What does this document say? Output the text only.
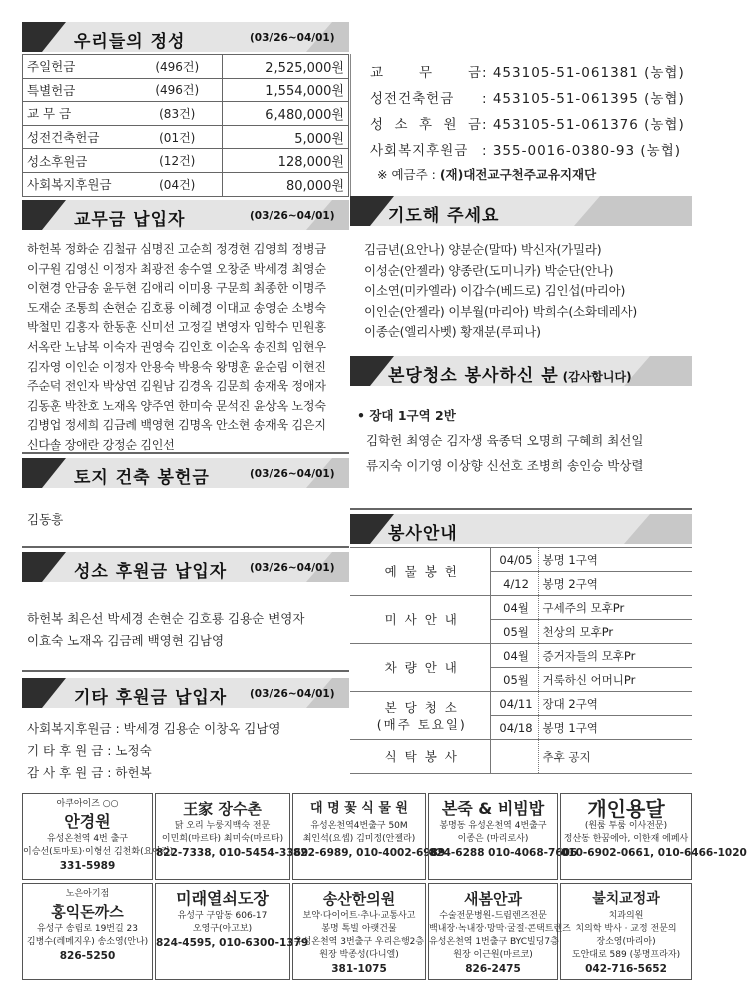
우리들의 정성	(03/26~04/01)
주일헌금	(496건)	2,525,000원
특별헌금	(496건)	1,554,000원
교 무 금	(83건)	6,480,000원
성전건축헌금	(01건)	5,000원
성소후원금	(12건)	128,000원
사회복지후원금	(04건)	80,000원
교무금 납입자	(03/26~04/01)
하헌복 정화순 김철규 심명진 고순희 정경현 김영희 정병금
이구원 김영신 이정자 최광전 송수열 오창준 박세경 최영순
이현경 안금송 윤두현 김애리 이미용 구문희 최종한 이명주
도재순 조통희 손현순 김호룡 이혜경 이대교 송영순 소병숙
박철민 김홍자 한동훈 신미선 고정길 변영자 임학수 민원홍
서옥란 노남복 이숙자 권영숙 김인호 이순옥 송진희 임현우
김자영 이인순 이정자 안용숙 박용숙 왕명훈 윤순림 이현진
주순덕 전인자 박상연 김원남 김경옥 김문희 송재욱 정애자
김동훈 박찬호 노재옥 양주연 한미숙 문석진 윤상옥 노정숙
김병업 정세희 김금례 백영현 김명옥 안소현 송재욱 김은지
신다솔 장애란 강정순 김인선
토지 건축 봉헌금	(03/26~04/01)
김동흥
성소 후원금 납입자 (03/26~04/01)
하헌복 최은선 박세경 손현순 김호룡 김용순 변영자
이효숙 노재옥 김금례 백영현 김남영
기타 후원금 납입자 (03/26~04/01)
사회복지후원금 : 박세경 김용순 이창옥 김남영
기 타 후 원 금 : 노정숙
감 사 후 원 금 : 하헌복
교 무 금: 453105-51-061381 (농협)
성전건축헌금 : 453105-51-061395 (농협)
성 소 후 원 금: 453105-51-061376 (농협)
사회복지후원금 : 355-0016-0380-93 (농협)
※ 예금주 : (재)대전교구천주교유지재단
기도해 주세요
김금년(요안나) 양분순(말따) 박신자(가밀라)
이성순(안젤라) 양종란(도미니카) 박순단(안나)
이소연(미카엘라) 이갑수(베드로) 김인섭(마리아)
이인순(안젤라) 이부월(마리아) 박희수(소화데레사)
이종순(엘리사벳) 황재분(루피나)
본당청소 봉사하신 분 (감사합니다)
• 장대 1구역 2반
김학헌 최영순 김자생 육종덕 오명희 구혜희 최선일
류지숙 이기영 이상향 신선호 조병희 송인승 박상렬
봉사안내
예 물 봉 헌	04/05	봉명 1구역
	4/12	봉명 2구역
미 사 안 내	04월	구세주의 모후Pr
	05월	천상의 모후Pr
차 량 안 내	04월	증거자들의 모후Pr
	05월	거룩하신 어머니Pr
본 당 청 소
(매주 토요일)	04/11	장대 2구역
	04/18	봉명 1구역
식 탁 봉 사		추후 공지
아쿠아이즈 ○○
안경원
유성온천역 4번 출구
이승선(토마토)·이형선 김천화(요아킴)
331-5989
王家 장수촌
닭 오리 누룽지백숙 전문
이민희(마르타) 최미숙(마르타)
822-7338, 010-5454-3369
대 명 꽃 식 물 원
유성온천역4번출구 50M
최인석(요셉) 김미정(안젤라)
822-6989, 010-4002-6989
본죽 & 비빔밥
봉명동 유성온천역 4번출구
이종은 (마리로사)
824-6288 010-4068-7606
개인용달
(원룸 투룸 이사전문)
정산동 한꿈에아, 이한재 에페사
010-6902-0661, 010-6466-1020
노은아기점
홍익돈까스
유성구 송림로 19번길 23
김병수(레메지우) 송소영(안나)
826-5250
미래열쇠도장
유성구 구암동 606-17
오영구(아고보)
824-4595, 010-6300-1379
송산한의원
보약·다이어트·추나·교통사고
봉명 톡빌 아랫건물
유성온천역 3번출구 우리은행2층
원장 박종성(다니엘)
381-1075
새봄안과
수술전문병원-드림렌즈전문
백내장·녹내장·망막·굴절·콘택트렌즈
유성온천역 1번출구 BYC빌딩7층
원장 이근원(마르코)
826-2475
불치교정과
치과의원
치의학 박사 · 교정 전문의
장소영(마리아)
도안대로 589 (봉명프라자)
042-716-5652
